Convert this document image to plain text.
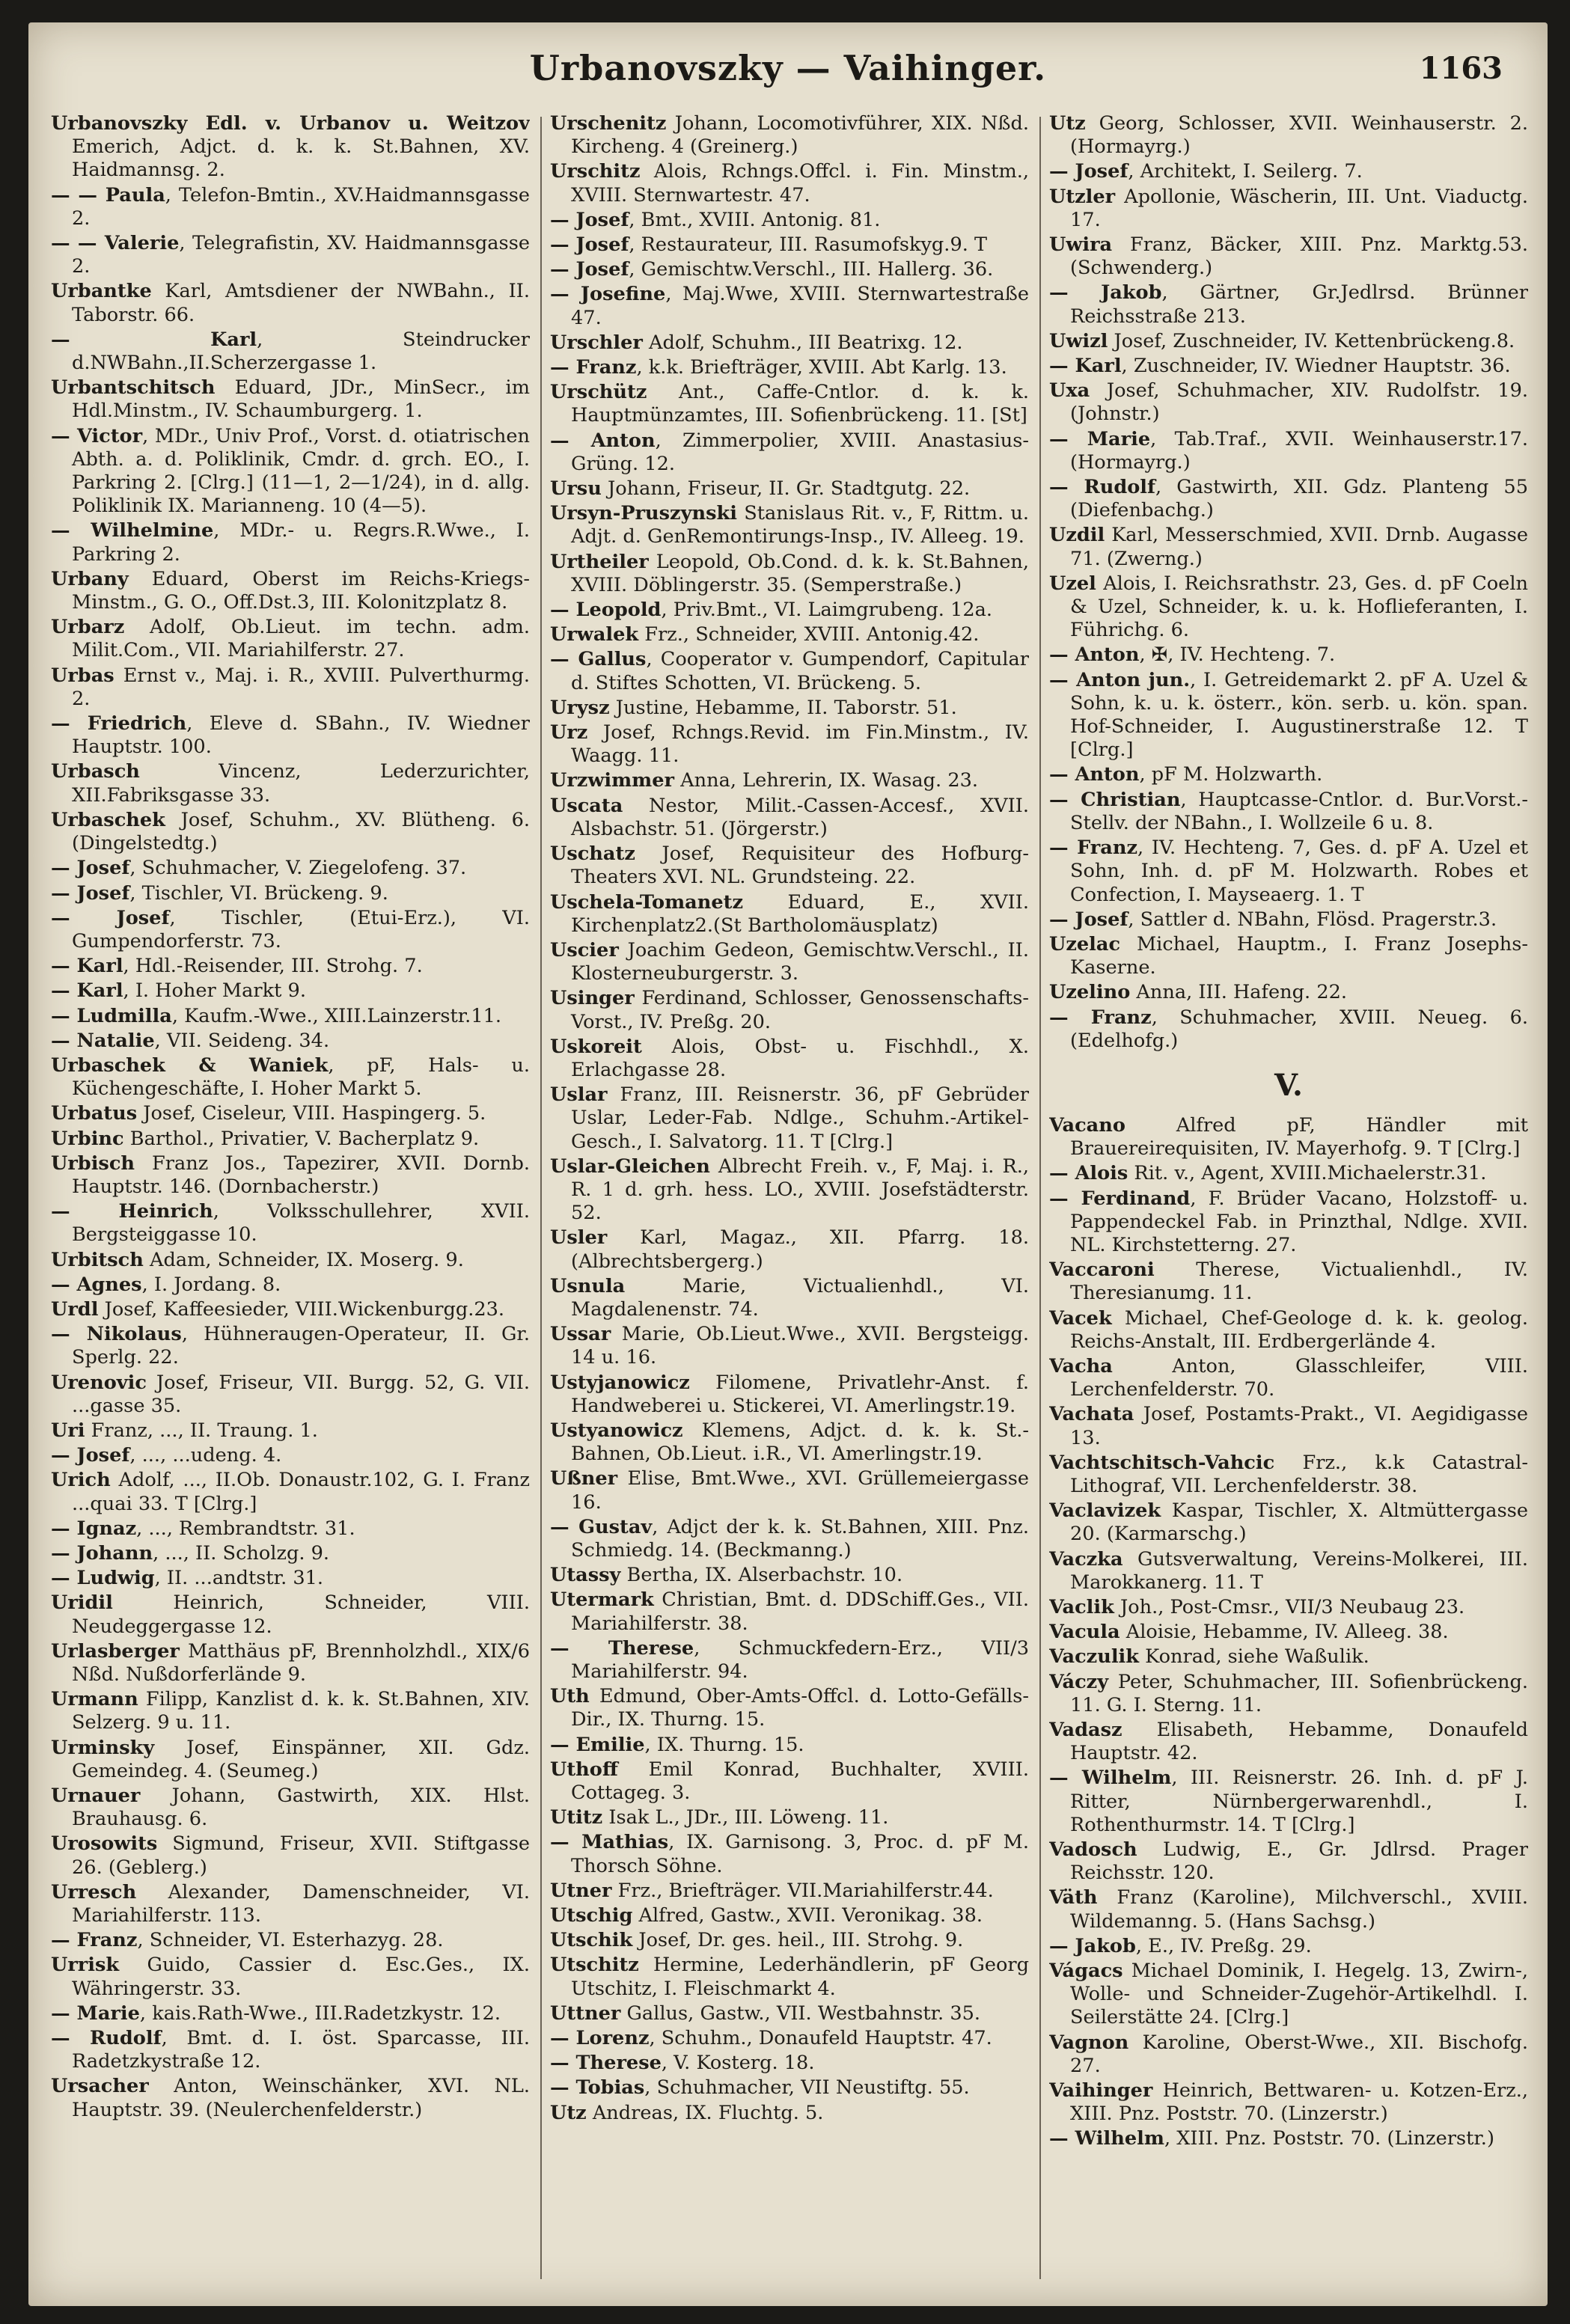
Urbanovszky — Vaihinger.	1163
Urbanovszky Edl. v. Urbanov u. Weitzov Emerich, Adjct. d. k. k. St.Bahnen, XV. Haidmannsg. 2.
— — Paula, Telefon-Bmtin., XV.Haidmannsgasse 2.
— — Valerie, Telegrafistin, XV. Haidmannsgasse 2.
Urbantke Karl, Amtsdiener der NWBahn., II. Taborstr. 66.
— Karl, Steindrucker d.NWBahn.,II.Scherzergasse 1.
Urbantschitsch Eduard, JDr., MinSecr., im Hdl.Minstm., IV. Schaumburgerg. 1.
— Victor, MDr., Univ Prof., Vorst. d. otiatrischen Abth. a. d. Poliklinik, Cmdr. d. grch. EO., I. Parkring 2. [Clrg.] (11—1, 2—1/24), in d. allg. Poliklinik IX. Marianneng. 10 (4—5).
— Wilhelmine, MDr.- u. Regrs.R.Wwe., I. Parkring 2.
Urbany Eduard, Oberst im Reichs-Kriegs-Minstm., G. O., Off.Dst.3, III. Kolonitzplatz 8.
Urbarz Adolf, Ob.Lieut. im techn. adm. Milit.Com., VII. Mariahilferstr. 27.
Urbas Ernst v., Maj. i. R., XVIII. Pulverthurmg. 2.
— Friedrich, Eleve d. SBahn., IV. Wiedner Hauptstr. 100.
Urbasch Vincenz, Lederzurichter, XII.Fabriksgasse 33.
Urbaschek Josef, Schuhm., XV. Blütheng. 6. (Dingelstedtg.)
— Josef, Schuhmacher, V. Ziegelofeng. 37.
— Josef, Tischler, VI. Brückeng. 9.
— Josef, Tischler, (Etui-Erz.), VI. Gumpendorferstr. 73.
— Karl, Hdl.-Reisender, III. Strohg. 7.
— Karl, I. Hoher Markt 9.
— Ludmilla, Kaufm.-Wwe., XIII.Lainzerstr.11.
— Natalie, VII. Seideng. 34.
Urbaschek & Waniek, pF, Hals- u. Küchengeschäfte, I. Hoher Markt 5.
Urbatus Josef, Ciseleur, VIII. Haspingerg. 5.
Urbinc Barthol., Privatier, V. Bacherplatz 9.
Urbisch Franz Jos., Tapezirer, XVII. Dornb. Hauptstr. 146. (Dornbacherstr.)
— Heinrich, Volksschullehrer, XVII. Bergsteiggasse 10.
Urbitsch Adam, Schneider, IX. Moserg. 9.
— Agnes, I. Jordang. 8.
Urdl Josef, Kaffeesieder, VIII.Wickenburgg.23.
— Nikolaus, Hühneraugen-Operateur, II. Gr. Sperlg. 22.
Urenovic Josef, Friseur, VII. Burgg. 52, G. VII. ...gasse 35.
Uri Franz, ..., II. Traung. 1.
— Josef, ..., ...udeng. 4.
Urich Adolf, ..., II.Ob. Donaustr.102, G. I. Franz ...quai 33. T [Clrg.]
— Ignaz, ..., Rembrandtstr. 31.
— Johann, ..., II. Scholzg. 9.
— Ludwig, II. ...andtstr. 31.
Uridil Heinrich, Schneider, VIII. Neudeggergasse 12.
Urlasberger Matthäus pF, Brennholzhdl., XIX/6 Nßd. Nußdorferlände 9.
Urmann Filipp, Kanzlist d. k. k. St.Bahnen, XIV. Selzerg. 9 u. 11.
Urminsky Josef, Einspänner, XII. Gdz. Gemeindeg. 4. (Seumeg.)
Urnauer Johann, Gastwirth, XIX. Hlst. Brauhausg. 6.
Urosowits Sigmund, Friseur, XVII. Stiftgasse 26. (Geblerg.)
Urresch Alexander, Damenschneider, VI. Mariahilferstr. 113.
— Franz, Schneider, VI. Esterhazyg. 28.
Urrisk Guido, Cassier d. Esc.Ges., IX. Währingerstr. 33.
— Marie, kais.Rath-Wwe., III.Radetzkystr. 12.
— Rudolf, Bmt. d. I. öst. Sparcasse, III. Radetzkystraße 12.
Ursacher Anton, Weinschänker, XVI. NL. Hauptstr. 39. (Neulerchenfelderstr.)
Urschenitz Johann, Locomotivführer, XIX. Nßd. Kircheng. 4 (Greinerg.)
Urschitz Alois, Rchngs.Offcl. i. Fin. Minstm., XVIII. Sternwartestr. 47.
— Josef, Bmt., XVIII. Antonig. 81.
— Josef, Restaurateur, III. Rasumofskyg.9. T
— Josef, Gemischtw.Verschl., III. Hallerg. 36.
— Josefine, Maj.Wwe, XVIII. Sternwartestraße 47.
Urschler Adolf, Schuhm., III Beatrixg. 12.
— Franz, k.k. Briefträger, XVIII. Abt Karlg. 13.
Urschütz Ant., Caffe-Cntlor. d. k. k. Hauptmünzamtes, III. Sofienbrückeng. 11. [St]
— Anton, Zimmerpolier, XVIII. Anastasius-Grüng. 12.
Ursu Johann, Friseur, II. Gr. Stadtgutg. 22.
Ursyn-Pruszynski Stanislaus Rit. v., F, Rittm. u. Adjt. d. GenRemontirungs-Insp., IV. Alleeg. 19.
Urtheiler Leopold, Ob.Cond. d. k. k. St.Bahnen, XVIII. Döblingerstr. 35. (Semperstraße.)
— Leopold, Priv.Bmt., VI. Laimgrubeng. 12a.
Urwalek Frz., Schneider, XVIII. Antonig.42.
— Gallus, Cooperator v. Gumpendorf, Capitular d. Stiftes Schotten, VI. Brückeng. 5.
Urysz Justine, Hebamme, II. Taborstr. 51.
Urz Josef, Rchngs.Revid. im Fin.Minstm., IV. Waagg. 11.
Urzwimmer Anna, Lehrerin, IX. Wasag. 23.
Uscata Nestor, Milit.-Cassen-Accesf., XVII. Alsbachstr. 51. (Jörgerstr.)
Uschatz Josef, Requisiteur des Hofburg-Theaters XVI. NL. Grundsteing. 22.
Uschela-Tomanetz Eduard, E., XVII. Kirchenplatz2.(St Bartholomäusplatz)
Uscier Joachim Gedeon, Gemischtw.Verschl., II. Klosterneuburgerstr. 3.
Usinger Ferdinand, Schlosser, Genossenschafts-Vorst., IV. Preßg. 20.
Uskoreit Alois, Obst- u. Fischhdl., X. Erlachgasse 28.
Uslar Franz, III. Reisnerstr. 36, pF Gebrüder Uslar, Leder-Fab. Ndlge., Schuhm.-Artikel-Gesch., I. Salvatorg. 11. T [Clrg.]
Uslar-Gleichen Albrecht Freih. v., F, Maj. i. R., R. 1 d. grh. hess. LO., XVIII. Josefstädterstr. 52.
Usler Karl, Magaz., XII. Pfarrg. 18. (Albrechtsbergerg.)
Usnula Marie, Victualienhdl., VI. Magdalenenstr. 74.
Ussar Marie, Ob.Lieut.Wwe., XVII. Bergsteigg. 14 u. 16.
Ustyjanowicz Filomene, Privatlehr-Anst. f. Handweberei u. Stickerei, VI. Amerlingstr.19.
Ustyanowicz Klemens, Adjct. d. k. k. St.-Bahnen, Ob.Lieut. i.R., VI. Amerlingstr.19.
Ußner Elise, Bmt.Wwe., XVI. Grüllemeiergasse 16.
— Gustav, Adjct der k. k. St.Bahnen, XIII. Pnz. Schmiedg. 14. (Beckmanng.)
Utassy Bertha, IX. Alserbachstr. 10.
Utermark Christian, Bmt. d. DDSchiff.Ges., VII. Mariahilferstr. 38.
— Therese, Schmuckfedern-Erz., VII/3 Mariahilferstr. 94.
Uth Edmund, Ober-Amts-Offcl. d. Lotto-Gefälls-Dir., IX. Thurng. 15.
— Emilie, IX. Thurng. 15.
Uthoff Emil Konrad, Buchhalter, XVIII. Cottageg. 3.
Utitz Isak L., JDr., III. Löweng. 11.
— Mathias, IX. Garnisong. 3, Proc. d. pF M. Thorsch Söhne.
Utner Frz., Briefträger. VII.Mariahilferstr.44.
Utschig Alfred, Gastw., XVII. Veronikag. 38.
Utschik Josef, Dr. ges. heil., III. Strohg. 9.
Utschitz Hermine, Lederhändlerin, pF Georg Utschitz, I. Fleischmarkt 4.
Uttner Gallus, Gastw., VII. Westbahnstr. 35.
— Lorenz, Schuhm., Donaufeld Hauptstr. 47.
— Therese, V. Kosterg. 18.
— Tobias, Schuhmacher, VII Neustiftg. 55.
Utz Andreas, IX. Fluchtg. 5.
Utz Georg, Schlosser, XVII. Weinhauserstr. 2. (Hormayrg.)
— Josef, Architekt, I. Seilerg. 7.
Utzler Apollonie, Wäscherin, III. Unt. Viaductg. 17.
Uwira Franz, Bäcker, XIII. Pnz. Marktg.53. (Schwenderg.)
— Jakob, Gärtner, Gr.Jedlrsd. Brünner Reichsstraße 213.
Uwizl Josef, Zuschneider, IV. Kettenbrückeng.8.
— Karl, Zuschneider, IV. Wiedner Hauptstr. 36.
Uxa Josef, Schuhmacher, XIV. Rudolfstr. 19. (Johnstr.)
— Marie, Tab.Traf., XVII. Weinhauserstr.17. (Hormayrg.)
— Rudolf, Gastwirth, XII. Gdz. Planteng 55 (Diefenbachg.)
Uzdil Karl, Messerschmied, XVII. Drnb. Augasse 71. (Zwerng.)
Uzel Alois, I. Reichsrathstr. 23, Ges. d. pF Coeln & Uzel, Schneider, k. u. k. Hoflieferanten, I. Führichg. 6.
— Anton, ✠, IV. Hechteng. 7.
— Anton jun., I. Getreidemarkt 2. pF A. Uzel & Sohn, k. u. k. österr., kön. serb. u. kön. span. Hof-Schneider, I. Augustinerstraße 12. T [Clrg.]
— Anton, pF M. Holzwarth.
— Christian, Hauptcasse-Cntlor. d. Bur.Vorst.-Stellv. der NBahn., I. Wollzeile 6 u. 8.
— Franz, IV. Hechteng. 7, Ges. d. pF A. Uzel et Sohn, Inh. d. pF M. Holzwarth. Robes et Confection, I. Mayseaerg. 1. T
— Josef, Sattler d. NBahn, Flösd. Pragerstr.3.
Uzelac Michael, Hauptm., I. Franz Josephs-Kaserne.
Uzelino Anna, III. Hafeng. 22.
— Franz, Schuhmacher, XVIII. Neueg. 6. (Edelhofg.)
V.
Vacano Alfred pF, Händler mit Brauereirequisiten, IV. Mayerhofg. 9. T [Clrg.]
— Alois Rit. v., Agent, XVIII.Michaelerstr.31.
— Ferdinand, F. Brüder Vacano, Holzstoff- u. Pappendeckel Fab. in Prinzthal, Ndlge. XVII. NL. Kirchstetterng. 27.
Vaccaroni Therese, Victualienhdl., IV. Theresianumg. 11.
Vacek Michael, Chef-Geologe d. k. k. geolog. Reichs-Anstalt, III. Erdbergerlände 4.
Vacha Anton, Glasschleifer, VIII. Lerchenfelderstr. 70.
Vachata Josef, Postamts-Prakt., VI. Aegidigasse 13.
Vachtschitsch-Vahcic Frz., k.k Catastral-Lithograf, VII. Lerchenfelderstr. 38.
Vaclavizek Kaspar, Tischler, X. Altmüttergasse 20. (Karmarschg.)
Vaczka Gutsverwaltung, Vereins-Molkerei, III. Marokkanerg. 11. T
Vaclik Joh., Post-Cmsr., VII/3 Neubaug 23.
Vacula Aloisie, Hebamme, IV. Alleeg. 38.
Vaczulik Konrad, siehe Waßulik.
Váczy Peter, Schuhmacher, III. Sofienbrückeng. 11. G. I. Sterng. 11.
Vadasz Elisabeth, Hebamme, Donaufeld Hauptstr. 42.
— Wilhelm, III. Reisnerstr. 26. Inh. d. pF J. Ritter, Nürnbergerwarenhdl., I. Rothenthurmstr. 14. T [Clrg.]
Vadosch Ludwig, E., Gr. Jdlrsd. Prager Reichsstr. 120.
Väth Franz (Karoline), Milchverschl., XVIII. Wildemanng. 5. (Hans Sachsg.)
— Jakob, E., IV. Preßg. 29.
Vágacs Michael Dominik, I. Hegelg. 13, Zwirn-, Wolle- und Schneider-Zugehör-Artikelhdl. I. Seilerstätte 24. [Clrg.]
Vagnon Karoline, Oberst-Wwe., XII. Bischofg. 27.
Vaihinger Heinrich, Bettwaren- u. Kotzen-Erz., XIII. Pnz. Poststr. 70. (Linzerstr.)
— Wilhelm, XIII. Pnz. Poststr. 70. (Linzerstr.)
